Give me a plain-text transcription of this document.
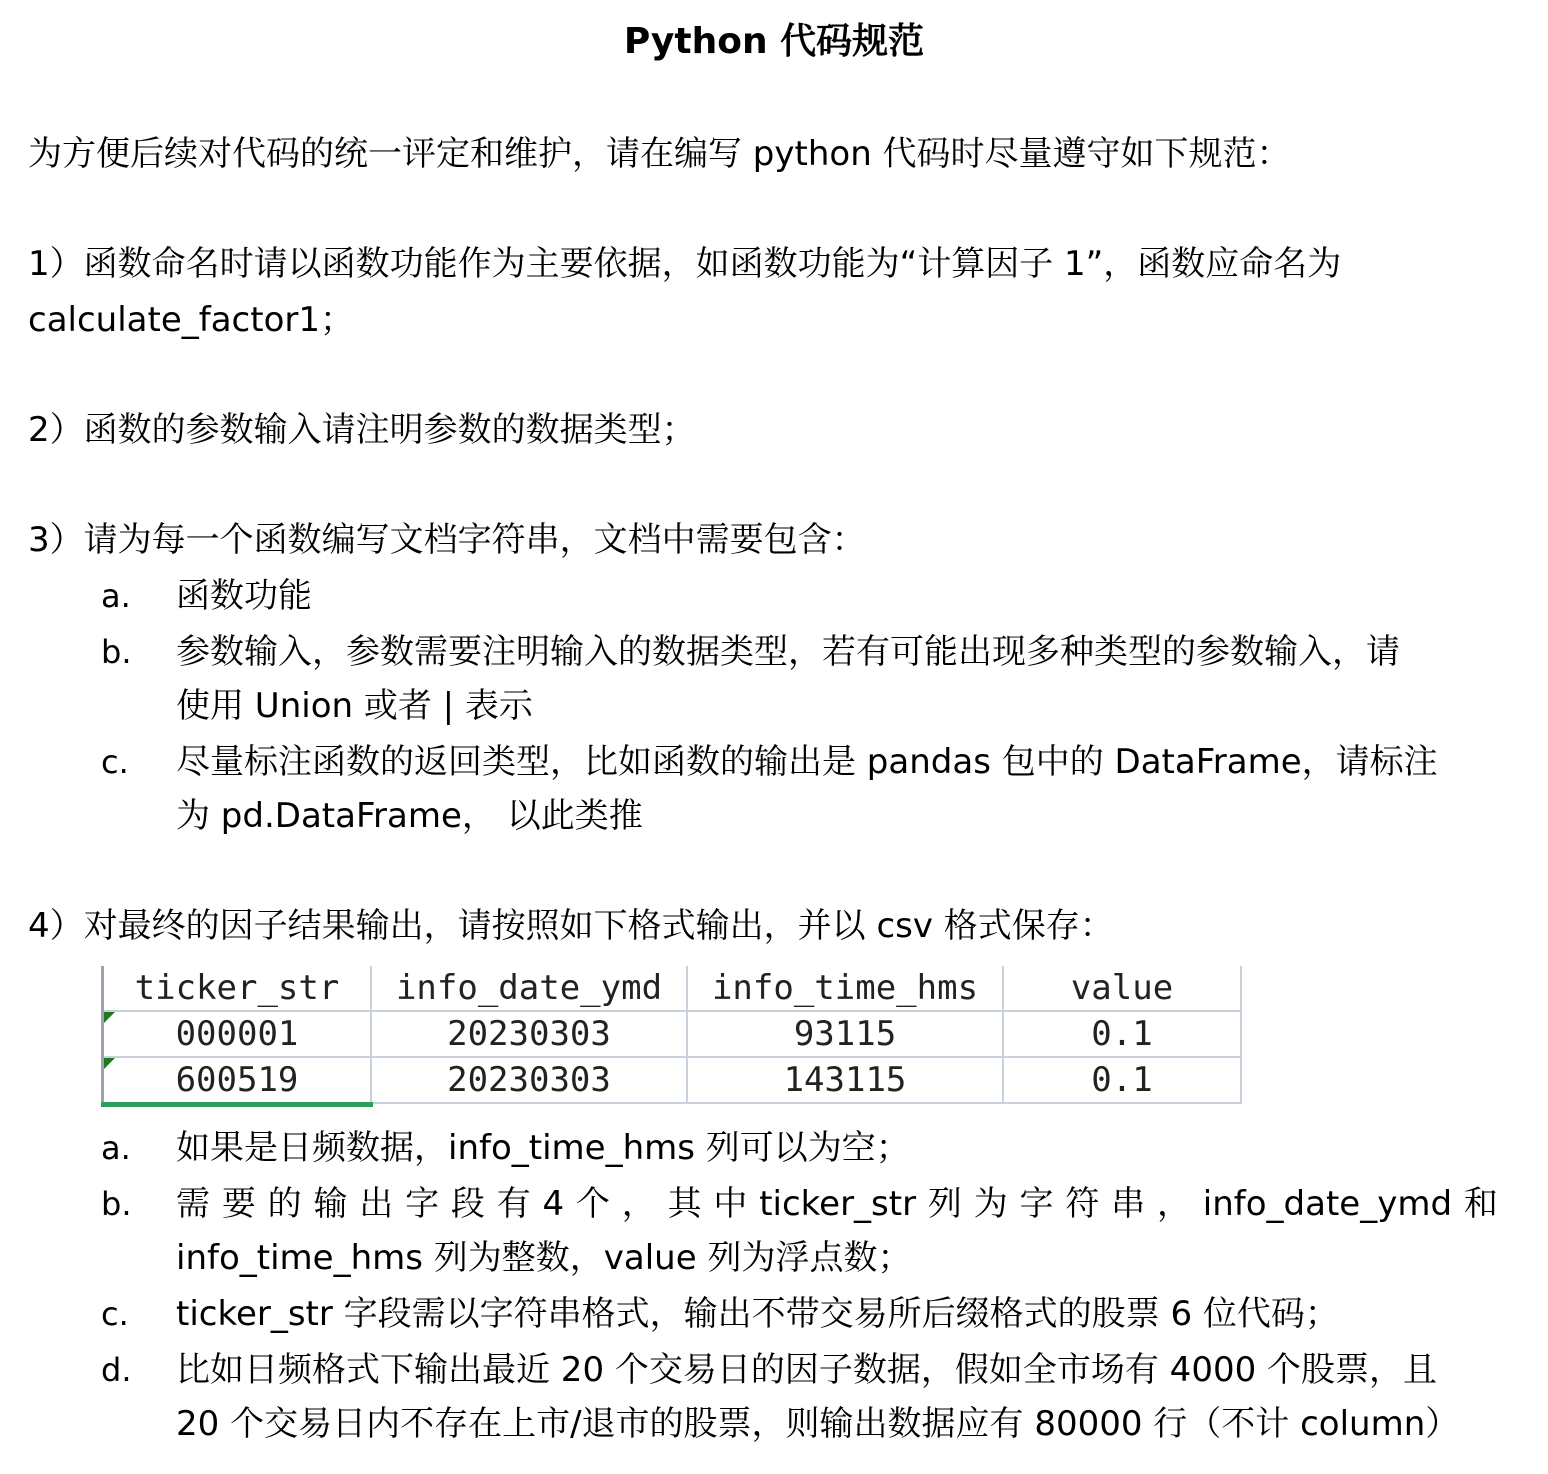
Python 代码规范
为方便后续对代码的统一评定和维护，请在编写 python 代码时尽量遵守如下规范：
1）函数命名时请以函数功能作为主要依据，如函数功能为“计算因子 1”，函数应命名为
calculate_factor1；
2）函数的参数输入请注明参数的数据类型；
3）请为每一个函数编写文档字符串，文档中需要包含：
a. 函数功能
b. 参数输入，参数需要注明输入的数据类型，若有可能出现多种类型的参数输入，请
使用 Union 或者 | 表示
c. 尽量标注函数的返回类型，比如函数的输出是 pandas 包中的 DataFrame，请标注
为 pd.DataFrame， 以此类推
4）对最终的因子结果输出，请按照如下格式输出，并以 csv 格式保存：
ticker_str	info_date_ymd	info_time_hms	value

000001	20230303	93115	0.1

600519	20230303	143115	0.1
a. 如果是日频数据，info_time_hms 列可以为空；
b. 需 要 的 输 出 字 段 有 4 个 ， 其 中 ticker_str 列 为 字 符 串 ， info_date_ymd 和
info_time_hms 列为整数，value 列为浮点数；
c. ticker_str 字段需以字符串格式，输出不带交易所后缀格式的股票 6 位代码；
d. 比如日频格式下输出最近 20 个交易日的因子数据，假如全市场有 4000 个股票，且
20 个交易日内不存在上市/退市的股票，则输出数据应有 80000 行（不计 column）
